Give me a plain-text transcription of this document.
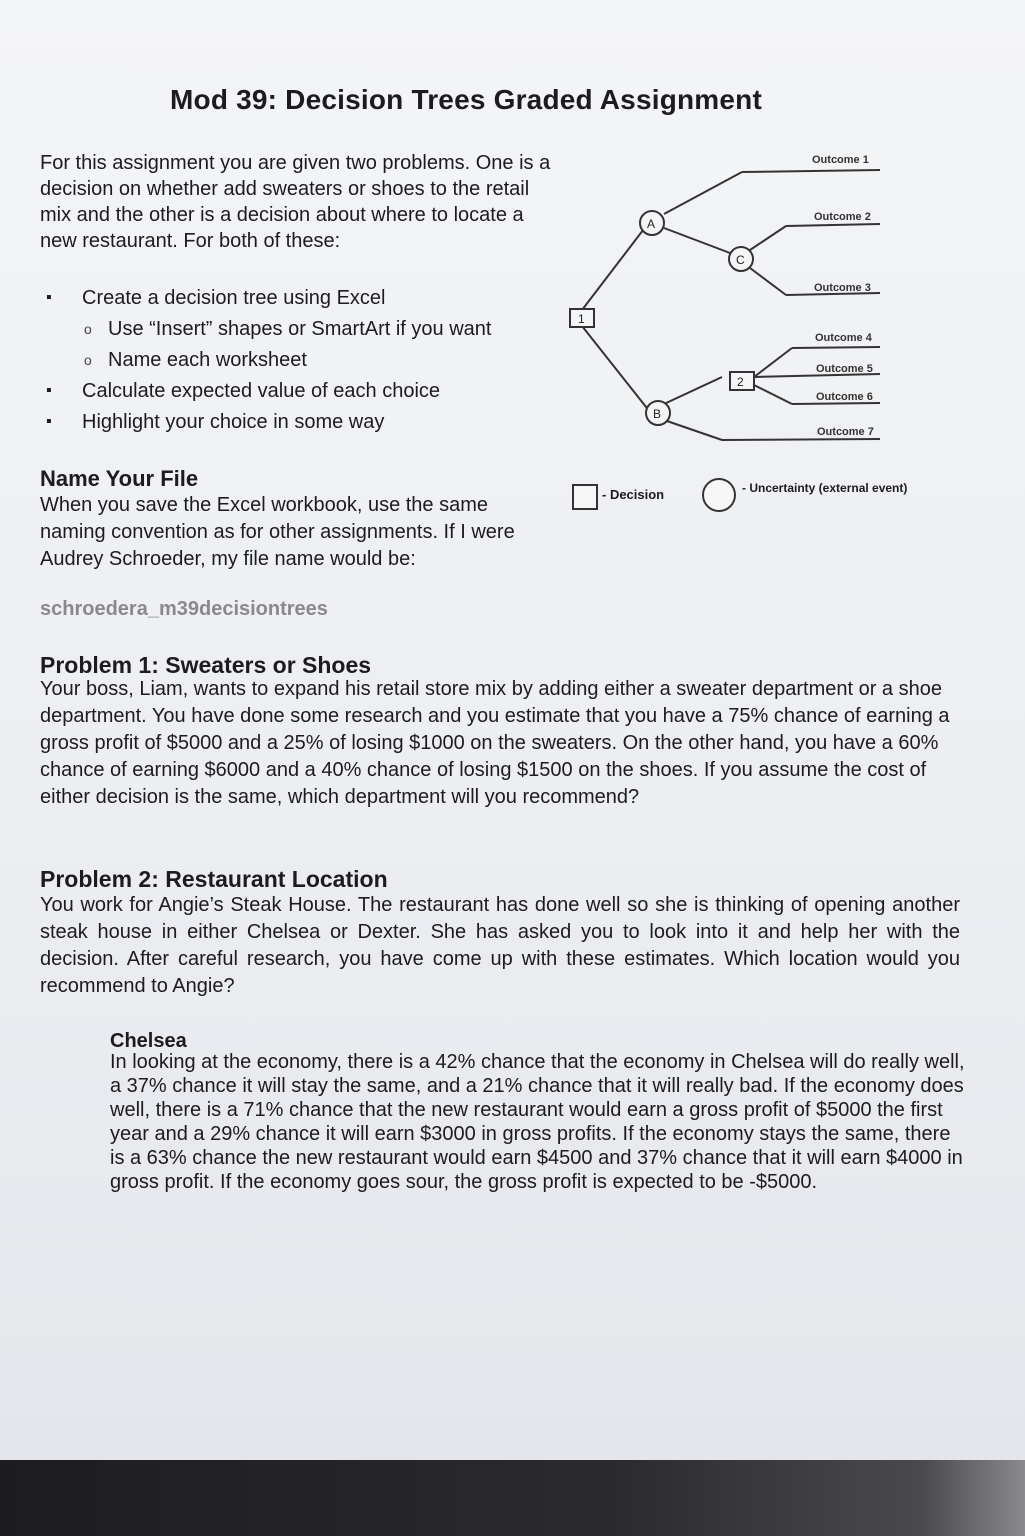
Mod 39: Decision Trees Graded Assignment

For this assignment you are given two problems. One is a decision on whether add sweaters or shoes to the retail mix and the other is a decision about where to locate a new restaurant. For both of these:

▪ Create a decision tree using Excel
o Use “Insert” shapes or SmartArt if you want
o Name each worksheet
▪ Calculate expected value of each choice
▪ Highlight your choice in some way
Name Your File

When you save the Excel workbook, use the same naming convention as for other assignments. If I were Audrey Schroeder, my file name would be:

schroedera_m39decisiontrees

1
2
A
C
B
Outcome 1
Outcome 2
Outcome 3
Outcome 4
Outcome 5
Outcome 6
Outcome 7
- Decision	- Uncertainty (external event)
Problem 1: Sweaters or Shoes

Your boss, Liam, wants to expand his retail store mix by adding either a sweater department or a shoe department. You have done some research and you estimate that you have a 75% chance of earning a gross profit of $5000 and a 25% of losing $1000 on the sweaters. On the other hand, you have a 60% chance of earning $6000 and a 40% chance of losing $1500 on the shoes. If you assume the cost of either decision is the same, which department will you recommend?

Problem 2: Restaurant Location

You work for Angie’s Steak House. The restaurant has done well so she is thinking of opening another steak house in either Chelsea or Dexter. She has asked you to look into it and help her with the decision. After careful research, you have come up with these estimates. Which location would you recommend to Angie?

Chelsea

In looking at the economy, there is a 42% chance that the economy in Chelsea will do really well, a 37% chance it will stay the same, and a 21% chance that it will really bad. If the economy does well, there is a 71% chance that the new restaurant would earn a gross profit of $5000 the first year and a 29% chance it will earn $3000 in gross profits. If the economy stays the same, there is a 63% chance the new restaurant would earn $4500 and 37% chance that it will earn $4000 in gross profit. If the economy goes sour, the gross profit is expected to be -$5000.
